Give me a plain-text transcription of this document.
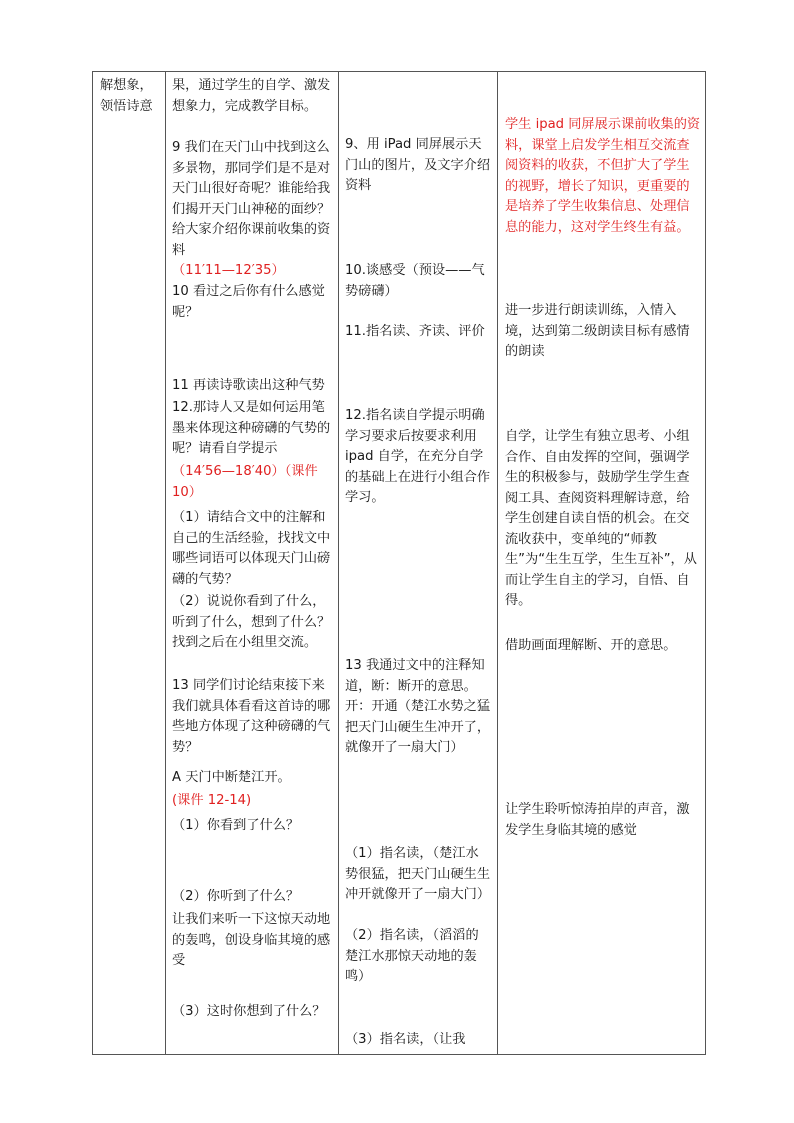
解想象，领悟诗意

果，通过学生的自学、激发想象力，完成教学目标。

9 我们在天门山中找到这么多景物，那同学们是不是对天门山很好奇呢？谁能给我们揭开天门山神秘的面纱？给大家介绍你课前收集的资料

（11′11—12′35）

10 看过之后你有什么感觉呢？

11 再读诗歌读出这种气势

12.那诗人又是如何运用笔墨来体现这种磅礴的气势的呢？请看自学提示

（14′56—18′40）（课件 10）

（1）请结合文中的注解和自己的生活经验，找找文中哪些词语可以体现天门山磅礴的气势？

（2）说说你看到了什么，听到了什么，想到了什么？找到之后在小组里交流。

13 同学们讨论结束接下来我们就具体看看这首诗的哪些地方体现了这种磅礴的气势？

A 天门中断楚江开。

(课件 12-14)

（1）你看到了什么？

（2）你听到了什么？

让我们来听一下这惊天动地的轰鸣，创设身临其境的感受

（3）这时你想到了什么？

9、用 iPad 同屏展示天门山的图片，及文字介绍资料

10.谈感受（预设——气势磅礴）

11.指名读、齐读、评价

12.指名读自学提示明确学习要求后按要求利用 ipad 自学，在充分自学的基础上在进行小组合作学习。

13 我通过文中的注释知道，断：断开的意思。开：开通（楚江水势之猛把天门山硬生生冲开了，就像开了一扇大门）

（1）指名读，（楚江水势很猛，把天门山硬生生冲开就像开了一扇大门）

（2）指名读，（滔滔的楚江水那惊天动地的轰鸣）

（3）指名读，（让我

学生 ipad 同屏展示课前收集的资料，课堂上启发学生相互交流查阅资料的收获，不但扩大了学生的视野，增长了知识，更重要的是培养了学生收集信息、处理信息的能力，这对学生终生有益。

进一步进行朗读训练，入情入境，达到第二级朗读目标有感情的朗读

自学，让学生有独立思考、小组合作、自由发挥的空间，强调学生的积极参与，鼓励学生学生查阅工具、查阅资料理解诗意，给学生创建自读自悟的机会。在交流收获中，变单纯的“师教生”为“生生互学，生生互补”，从而让学生自主的学习，自悟、自得。

借助画面理解断、开的意思。

让学生聆听惊涛拍岸的声音，激发学生身临其境的感觉
